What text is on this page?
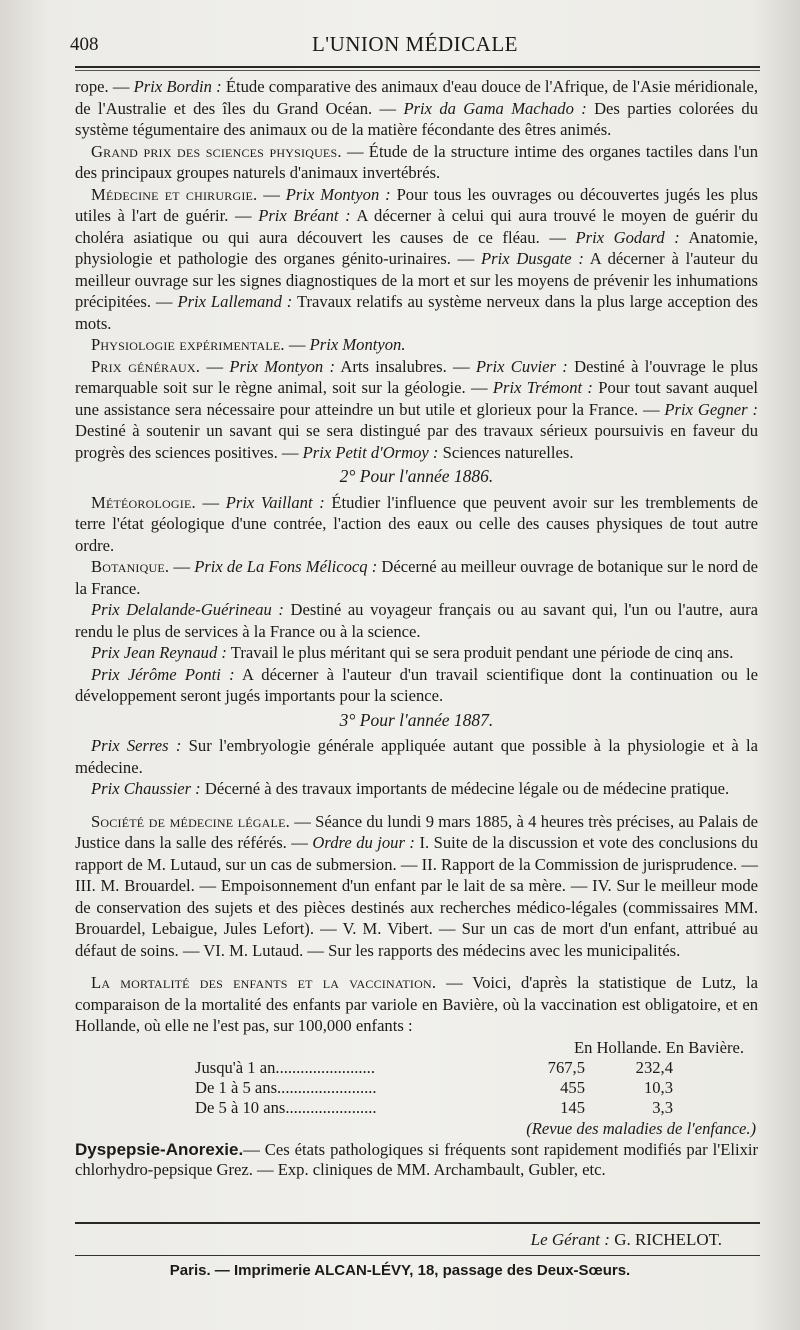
408	L'UNION MÉDICALE

rope. — Prix Bordin : Étude comparative des animaux d'eau douce de l'Afrique, de l'Asie méridionale, de l'Australie et des îles du Grand Océan. — Prix da Gama Machado : Des parties colorées du système tégumentaire des animaux ou de la matière fécondante des êtres animés.

Grand prix des sciences physiques. — Étude de la structure intime des organes tactiles dans l'un des principaux groupes naturels d'animaux invertébrés.

Médecine et chirurgie. — Prix Montyon : Pour tous les ouvrages ou découvertes jugés les plus utiles à l'art de guérir. — Prix Bréant : A décerner à celui qui aura trouvé le moyen de guérir du choléra asiatique ou qui aura découvert les causes de ce fléau. — Prix Godard : Anatomie, physiologie et pathologie des organes génito-urinaires. — Prix Dusgate : A décerner à l'auteur du meilleur ouvrage sur les signes diagnostiques de la mort et sur les moyens de prévenir les inhumations précipitées. — Prix Lallemand : Travaux relatifs au système nerveux dans la plus large acception des mots.

Physiologie expérimentale. — Prix Montyon.

Prix généraux. — Prix Montyon : Arts insalubres. — Prix Cuvier : Destiné à l'ouvrage le plus remarquable soit sur le règne animal, soit sur la géologie. — Prix Trémont : Pour tout savant auquel une assistance sera nécessaire pour atteindre un but utile et glorieux pour la France. — Prix Gegner : Destiné à soutenir un savant qui se sera distingué par des travaux sérieux poursuivis en faveur du progrès des sciences positives. — Prix Petit d'Ormoy : Sciences naturelles.

2° Pour l'année 1886.

Météorologie. — Prix Vaillant : Étudier l'influence que peuvent avoir sur les tremblements de terre l'état géologique d'une contrée, l'action des eaux ou celle des causes physiques de tout autre ordre.

Botanique. — Prix de La Fons Mélicocq : Décerné au meilleur ouvrage de botanique sur le nord de la France.

Prix Delalande-Guérineau : Destiné au voyageur français ou au savant qui, l'un ou l'autre, aura rendu le plus de services à la France ou à la science.

Prix Jean Reynaud : Travail le plus méritant qui se sera produit pendant une période de cinq ans.

Prix Jérôme Ponti : A décerner à l'auteur d'un travail scientifique dont la continuation ou le développement seront jugés importants pour la science.

3° Pour l'année 1887.

Prix Serres : Sur l'embryologie générale appliquée autant que possible à la physiologie et à la médecine.

Prix Chaussier : Décerné à des travaux importants de médecine légale ou de médecine pratique.

Société de médecine légale. — Séance du lundi 9 mars 1885, à 4 heures très précises, au Palais de Justice dans la salle des référés. — Ordre du jour : I. Suite de la discussion et vote des conclusions du rapport de M. Lutaud, sur un cas de submersion. — II. Rapport de la Commission de jurisprudence. — III. M. Brouardel. — Empoisonnement d'un enfant par le lait de sa mère. — IV. Sur le meilleur mode de conservation des sujets et des pièces destinés aux recherches médico-légales (commissaires MM. Brouardel, Lebaigue, Jules Lefort). — V. M. Vibert. — Sur un cas de mort d'un enfant, attribué au défaut de soins. — VI. M. Lutaud. — Sur les rapports des médecins avec les municipalités.

La mortalité des enfants et la vaccination. — Voici, d'après la statistique de Lutz, la comparaison de la mortalité des enfants par variole en Bavière, où la vaccination est obligatoire, et en Hollande, où elle ne l'est pas, sur 100,000 enfants :

En Hollande. En Bavière.
Jusqu'à 1 an........................	767,5	232,4
De 1 à 5 ans........................	455	10,3
De 5 à 10 ans......................	145	3,3
(Revue des maladies de l'enfance.)

Dyspepsie-Anorexie.— Ces états pathologiques si fréquents sont rapidement modifiés par l'Elixir chlorhydro-pepsique Grez. — Exp. cliniques de MM. Archambault, Gubler, etc.

Le Gérant : G. RICHELOT.
Paris. — Imprimerie ALCAN-LÉVY, 18, passage des Deux-Sœurs.
